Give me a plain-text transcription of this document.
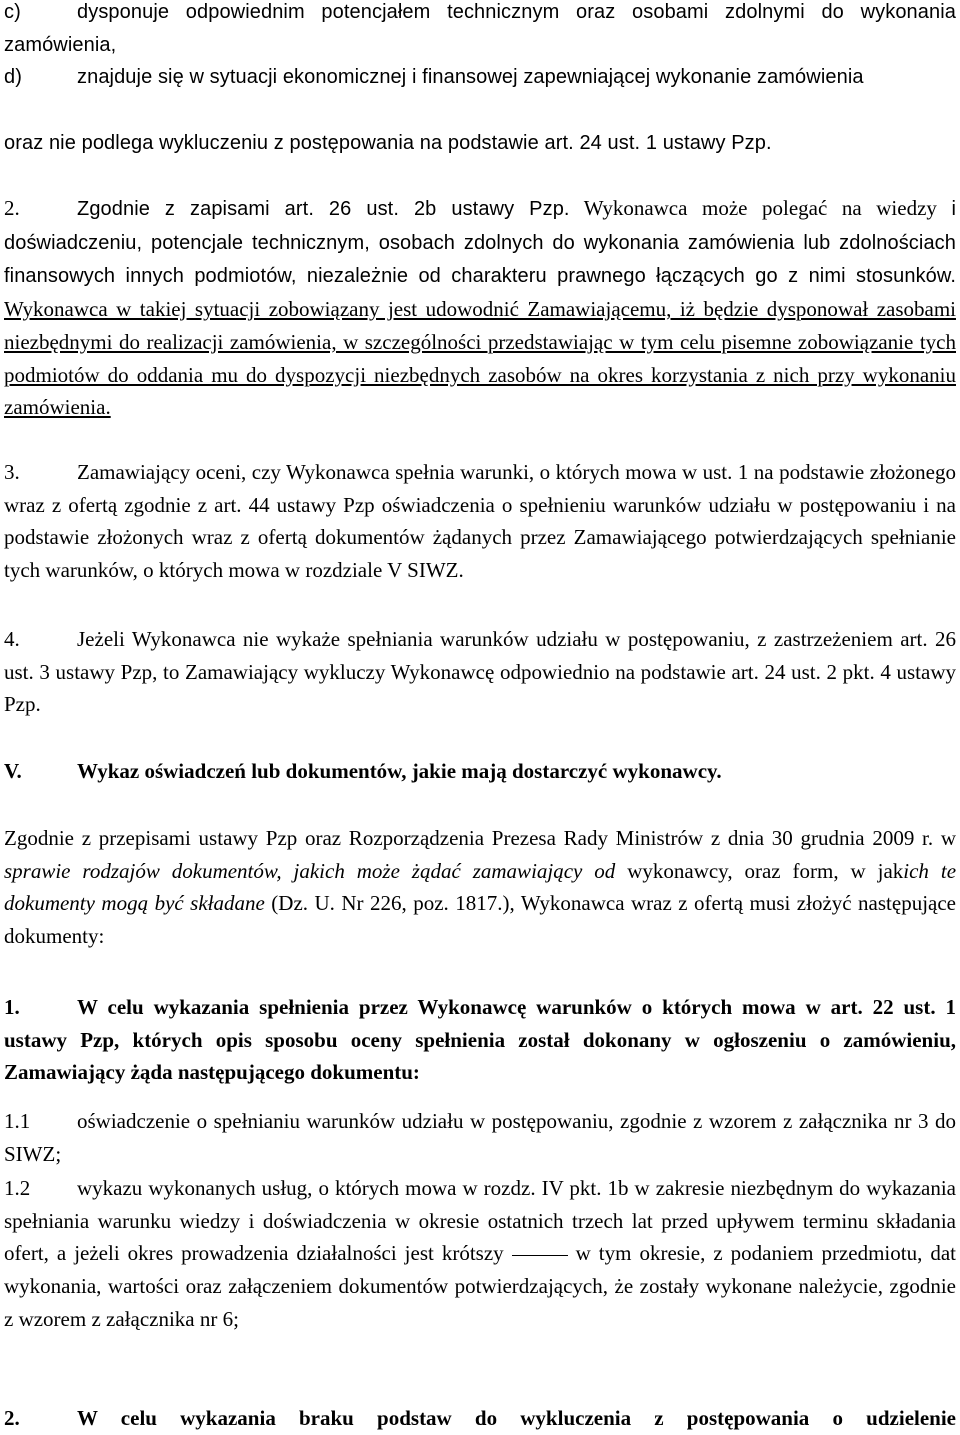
c)	dysponuje odpowiednim potencjałem technicznym oraz osobami zdolnymi do wykonania zamówienia,

d)	znajduje się w sytuacji ekonomicznej i finansowej zapewniającej wykonanie zamówienia

oraz nie podlega wykluczeniu z postępowania na podstawie art. 24 ust. 1 ustawy Pzp.

2.	Zgodnie z zapisami art. 26 ust. 2b ustawy Pzp. Wykonawca może polegać na wiedzy i doświadczeniu, potencjale technicznym, osobach zdolnych do wykonania zamówienia lub zdolnościach finansowych innych podmiotów, niezależnie od charakteru prawnego łączących go z nimi stosunków. Wykonawca w takiej sytuacji zobowiązany jest udowodnić Zamawiającemu, iż będzie dysponował zasobami niezbędnymi do realizacji zamówienia, w szczególności przedstawiając w tym celu pisemne zobowiązanie tych podmiotów do oddania mu do dyspozycji niezbędnych zasobów na okres korzystania z nich przy wykonaniu zamówienia.

3.	Zamawiający oceni, czy Wykonawca spełnia warunki, o których mowa w ust. 1 na podstawie złożonego wraz z ofertą zgodnie z art. 44 ustawy Pzp oświadczenia o spełnieniu warunków udziału w postępowaniu i na podstawie złożonych wraz z ofertą dokumentów żądanych przez Zamawiającego potwierdzających spełnianie tych warunków, o których mowa w rozdziale V SIWZ.

4.	Jeżeli Wykonawca nie wykaże spełniania warunków udziału w postępowaniu, z zastrzeżeniem art. 26 ust. 3 ustawy Pzp, to Zamawiający wykluczy Wykonawcę odpowiednio na podstawie art. 24 ust. 2 pkt. 4 ustawy Pzp.

V.	Wykaz oświadczeń lub dokumentów, jakie mają dostarczyć wykonawcy.

Zgodnie z przepisami ustawy Pzp oraz Rozporządzenia Prezesa Rady Ministrów z dnia 30 grudnia 2009 r. w sprawie rodzajów dokumentów, jakich może żądać zamawiający od wykonawcy, oraz form, w jakich te dokumenty mogą być składane (Dz. U. Nr 226, poz. 1817.), Wykonawca wraz z ofertą musi złożyć następujące dokumenty:

1.	W celu wykazania spełnienia przez Wykonawcę warunków o których mowa w art. 22 ust. 1 ustawy Pzp, których opis sposobu oceny spełnienia został dokonany w ogłoszeniu o zamówieniu, Zamawiający żąda następującego dokumentu:

1.1 oświadczenie o spełnianiu warunków udziału w postępowaniu, zgodnie z wzorem z załącznika nr 3 do SIWZ;

1.2 wykazu wykonanych usług, o których mowa w rozdz. IV pkt. 1b w zakresie niezbędnym do wykazania spełniania warunku wiedzy i doświadczenia w okresie ostatnich trzech lat przed upływem terminu składania ofert, a jeżeli okres prowadzenia działalności jest krótszy	w tym okresie, z podaniem przedmiotu, dat wykonania, wartości oraz załączeniem dokumentów potwierdzających, że zostały wykonane należycie, zgodnie z wzorem z załącznika nr 6;

2.	W celu wykazania braku podstaw do wykluczenia z postępowania o udzielenie
